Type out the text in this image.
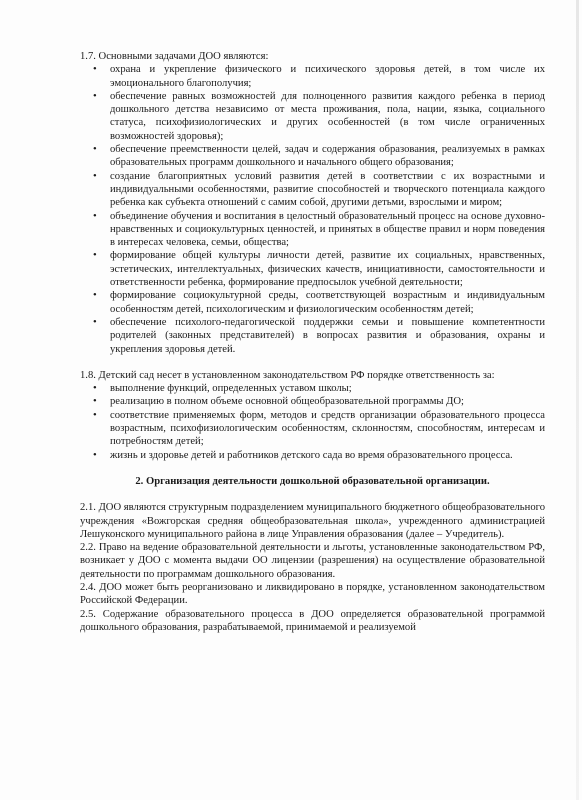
1.7. Основными задачами ДОО являются:

• охрана и укрепление физического и психического здоровья детей, в том числе их эмоционального благополучия;
• обеспечение равных возможностей для полноценного развития каждого ребенка в период дошкольного детства независимо от места проживания, пола, нации, языка, социального статуса, психофизиологических и других особенностей (в том числе ограниченных возможностей здоровья);
• обеспечение преемственности целей, задач и содержания образования, реализуемых в рамках образовательных программ дошкольного и начального общего образования;
• создание благоприятных условий развития детей в соответствии с их возрастными и индивидуальными особенностями, развитие способностей и творческого потенциала каждого ребенка как субъекта отношений с самим собой, другими детьми, взрослыми и миром;
• объединение обучения и воспитания в целостный образовательный процесс на основе духовно-нравственных и социокультурных ценностей, и принятых в обществе правил и норм поведения в интересах человека, семьи, общества;
• формирование общей культуры личности детей, развитие их социальных, нравственных, эстетических, интеллектуальных, физических качеств, инициативности, самостоятельности и ответственности ребенка, формирование предпосылок учебной деятельности;
• формирование социокультурной среды, соответствующей возрастным и индивидуальным особенностям детей, психологическим и физиологическим особенностям детей;
• обеспечение психолого-педагогической поддержки семьи и повышение компетентности родителей (законных представителей) в вопросах развития и образования, охраны и укрепления здоровья детей.

1.8. Детский сад несет в установленном законодательством РФ порядке ответственность за:

• выполнение функций, определенных уставом школы;
• реализацию в полном объеме основной общеобразовательной программы ДО;
• соответствие применяемых форм, методов и средств организации образовательного процесса возрастным, психофизиологическим особенностям, склонностям, способностям, интересам и потребностям детей;
• жизнь и здоровье детей и работников детского сада во время образовательного процесса.

2. Организация деятельности дошкольной образовательной организации.

2.1. ДОО являются структурным подразделением муниципального бюджетного общеобразовательного учреждения «Вожгорская средняя общеобразовательная школа», учрежденного администрацией Лешуконского муниципального района в лице Управления образования (далее – Учредитель).

2.2. Право на ведение образовательной деятельности и льготы, установленные законодательством РФ, возникает у ДОО с момента выдачи ОО лицензии (разрешения) на осуществление образовательной деятельности по программам дошкольного образования.

2.4. ДОО может быть реорганизовано и ликвидировано в порядке, установленном законодательством Российской Федерации.

2.5. Содержание образовательного процесса в ДОО определяется образовательной программой дошкольного образования, разрабатываемой, принимаемой и реализуемой
